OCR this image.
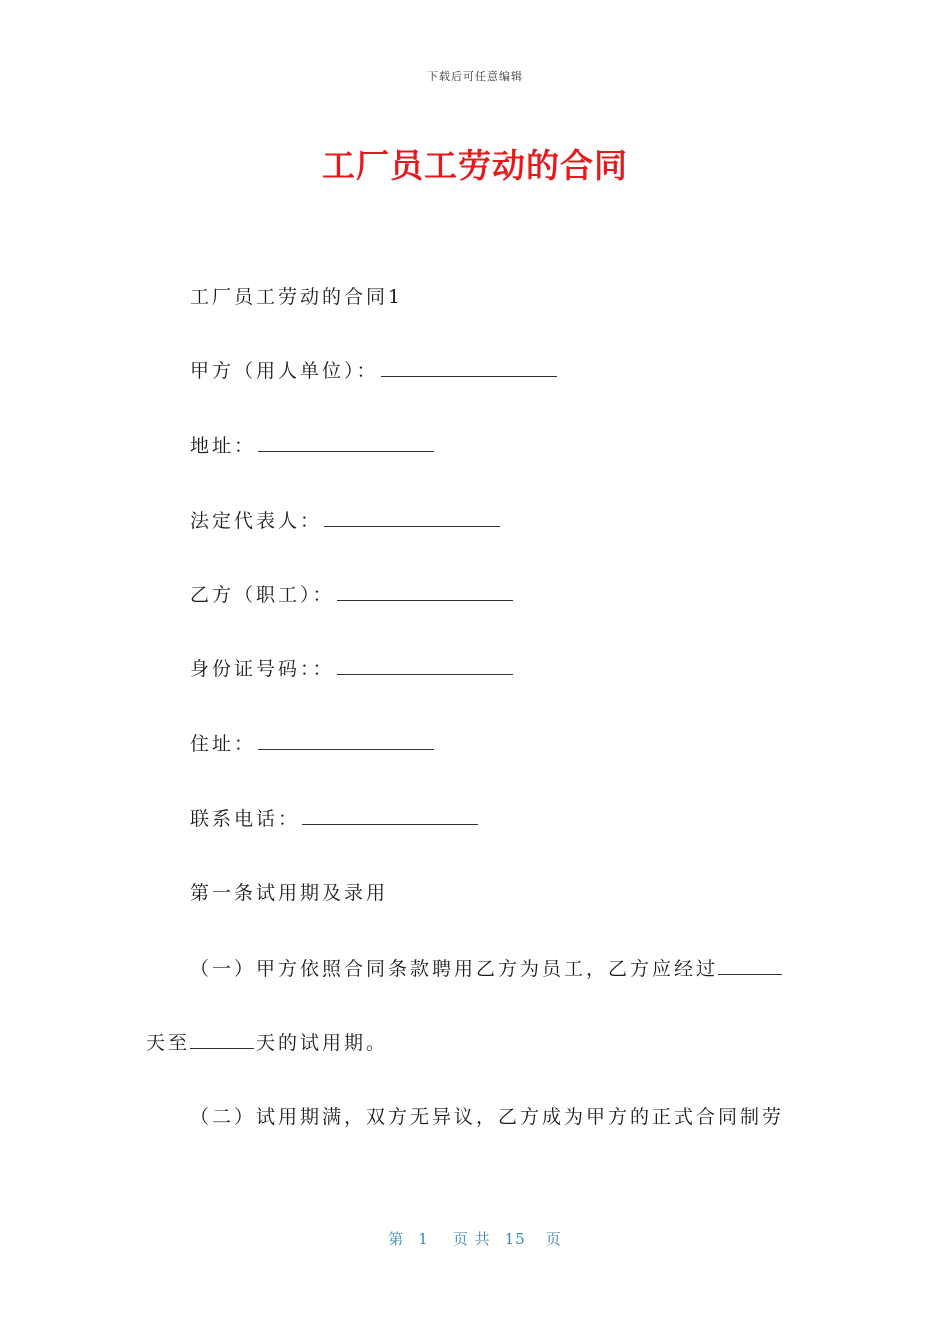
下载后可任意编辑
工厂员工劳动的合同
工厂员工劳动的合同1
甲方（用人单位）：
地址：
法定代表人：
乙方（职工）：
身份证号码：：
住址：
联系电话：
第一条试用期及录用
（一）甲方依照合同条款聘用乙方为员工，乙方应经过
天至	天的试用期。
（二）试用期满，双方无异议，乙方成为甲方的正式合同制劳
第 1 页 共 15 页
